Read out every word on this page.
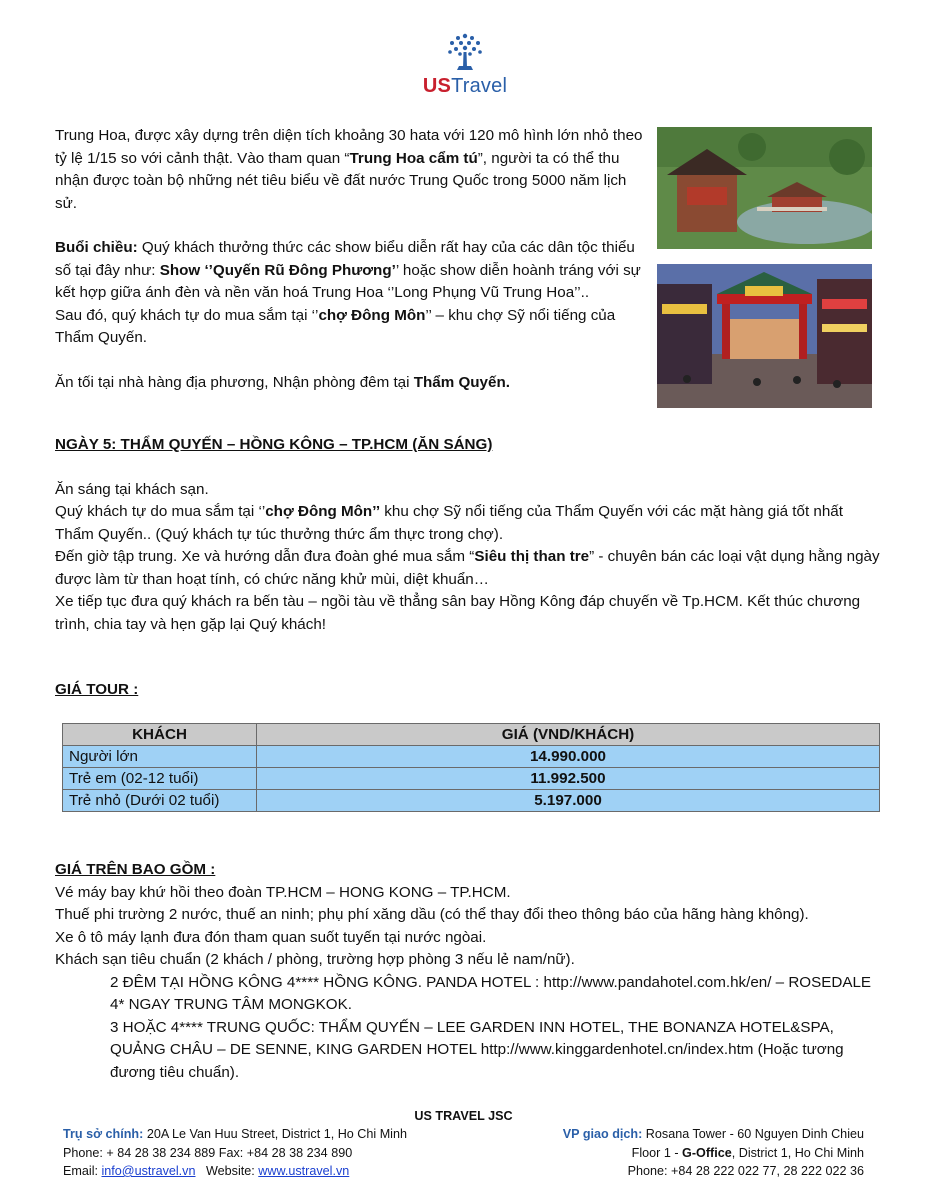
USTravel

Trung Hoa, được xây dựng trên diện tích khoảng 30 hata với 120 mô hình lớn nhỏ theo tỷ lệ 1/15 so với cảnh thật. Vào tham quan “Trung Hoa cẩm tú”, người ta có thể thu nhận được toàn bộ những nét tiêu biểu về đất nước Trung Quốc trong 5000 năm lịch sử.

Buổi chiều: Quý khách thưởng thức các show biểu diễn rất hay của các dân tộc thiểu số tại đây như: Show ‘’Quyến Rũ Đông Phương’’ hoặc show diễn hoành tráng với sự kết hợp giữa ánh đèn và nền văn hoá Trung Hoa ‘’Long Phụng Vũ Trung Hoa’’..

Sau đó, quý khách tự do mua sắm tại ‘’chợ Đông Môn’’ – khu chợ Sỹ nổi tiếng của Thẩm Quyến.

Ăn tối tại nhà hàng địa phương, Nhận phòng đêm tại Thẩm Quyến.

NGÀY 5: THẨM QUYẾN – HỒNG KÔNG – TP.HCM (ĂN SÁNG)

Ăn sáng tại khách sạn.

Quý khách tự do mua sắm tại ‘’chợ Đông Môn’’ khu chợ Sỹ nổi tiếng của Thẩm Quyến với các mặt hàng giá tốt nhất Thẩm Quyến.. (Quý khách tự túc thưởng thức ẩm thực trong chợ).

Đến giờ tập trung. Xe và hướng dẫn đưa đoàn ghé mua sắm “Siêu thị than tre” - chuyên bán các loại vật dụng hằng ngày được làm từ than hoạt tính, có chức năng khử mùi, diệt khuẩn…

Xe tiếp tục đưa quý khách ra bến tàu – ngồi tàu về thẳng sân bay Hồng Kông đáp chuyến về Tp.HCM. Kết thúc chương trình, chia tay và hẹn gặp lại Quý khách!

GIÁ TOUR :

KHÁCH	GIÁ (VND/KHÁCH)
Người lớn	14.990.000
Trẻ em (02-12 tuổi)	11.992.500
Trẻ nhỏ (Dưới 02 tuổi)	5.197.000

GIÁ TRÊN BAO GỒM :

Vé máy bay khứ hồi theo đoàn TP.HCM – HONG KONG – TP.HCM.

Thuế phi trường 2 nước, thuế an ninh; phụ phí xăng dầu (có thể thay đổi theo thông báo của hãng hàng không).

Xe ô tô máy lạnh đưa đón tham quan suốt tuyến tại nước ngòai.

Khách sạn tiêu chuẩn (2 khách / phòng, trường hợp phòng 3 nếu lẻ nam/nữ).

2 ĐÊM TẠI HỒNG KÔNG 4**** HỒNG KÔNG. PANDA HOTEL : http://www.pandahotel.com.hk/en/ – ROSEDALE 4* NGAY TRUNG TÂM MONGKOK.

3 HOẶC 4**** TRUNG QUỐC: THẨM QUYẾN – LEE GARDEN INN HOTEL, THE BONANZA HOTEL&SPA, QUẢNG CHÂU – DE SENNE, KING GARDEN HOTEL http://www.kinggardenhotel.cn/index.htm (Hoặc tương đương tiêu chuẩn).

US TRAVEL JSC
Trụ sở chính: 20A Le Van Huu Street, District 1, Ho Chi Minh
Phone: + 84 28 38 234 889 Fax: +84 28 38 234 890
Email: info@ustravel.vn   Website: www.ustravel.vn
VP giao dịch: Rosana Tower - 60 Nguyen Dinh Chieu
Floor 1 - G-Office, District 1, Ho Chi Minh
Phone: +84 28 222 022 77, 28 222 022 36
